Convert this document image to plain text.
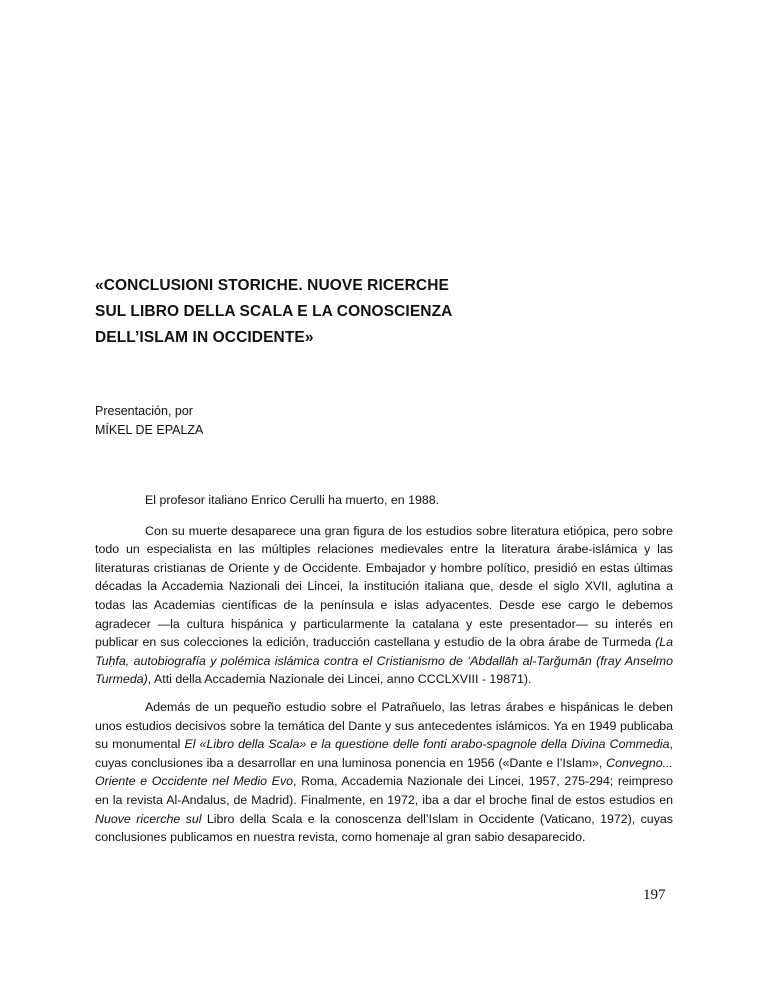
«CONCLUSIONI STORICHE. NUOVE RICERCHE
SUL LIBRO DELLA SCALA E LA CONOSCIENZA
DELL’ISLAM IN OCCIDENTE»
Presentación, por
MÍKEL DE EPALZA

El profesor italiano Enrico Cerulli ha muerto, en 1988.

Con su muerte desaparece una gran figura de los estudios sobre literatura etiópica, pero sobre todo un especialista en las múltiples relaciones medievales entre la literatura árabe-islámica y las literaturas cristianas de Oriente y de Occidente. Embajador y hombre político, presidió en estas últimas décadas la Accademia Nazionali dei Lincei, la institución italiana que, desde el siglo XVII, aglutina a todas las Academias científicas de la península e islas adyacentes. Desde ese cargo le debemos agradecer —la cultura hispánica y particularmente la catalana y este presentador— su interés en publicar en sus colecciones la edición, traducción castellana y estudio de la obra árabe de Turmeda (La Tuḥfa, autobiografía y polémica islámica contra el Cristianismo de ‘Abdallāh al-Tarǧumān (fray Anselmo Turmeda), Atti della Accademia Nazionale dei Lincei, anno CCCLXVIII - 19871).

Además de un pequeño estudio sobre el Patrañuelo, las letras árabes e hispánicas le deben unos estudios decisivos sobre la temática del Dante y sus antecedentes islámicos. Ya en 1949 publicaba su monumental El «Libro della Scala» e la questione delle fonti arabo-spagnole della Divina Commedia, cuyas conclusiones iba a desarrollar en una luminosa ponencia en 1956 («Dante e l’Islam», Convegno... Oriente e Occidente nel Medio Evo, Roma, Accademia Nazionale dei Lincei, 1957, 275-294; reimpreso en la revista Al-Andalus, de Madrid). Finalmente, en 1972, iba a dar el broche final de estos estudios en Nuove ricerche sul Libro della Scala e la conoscenza dell’Islam in Occidente (Vaticano, 1972), cuyas conclusiones publicamos en nuestra revista, como homenaje al gran sabio desaparecido.

197
